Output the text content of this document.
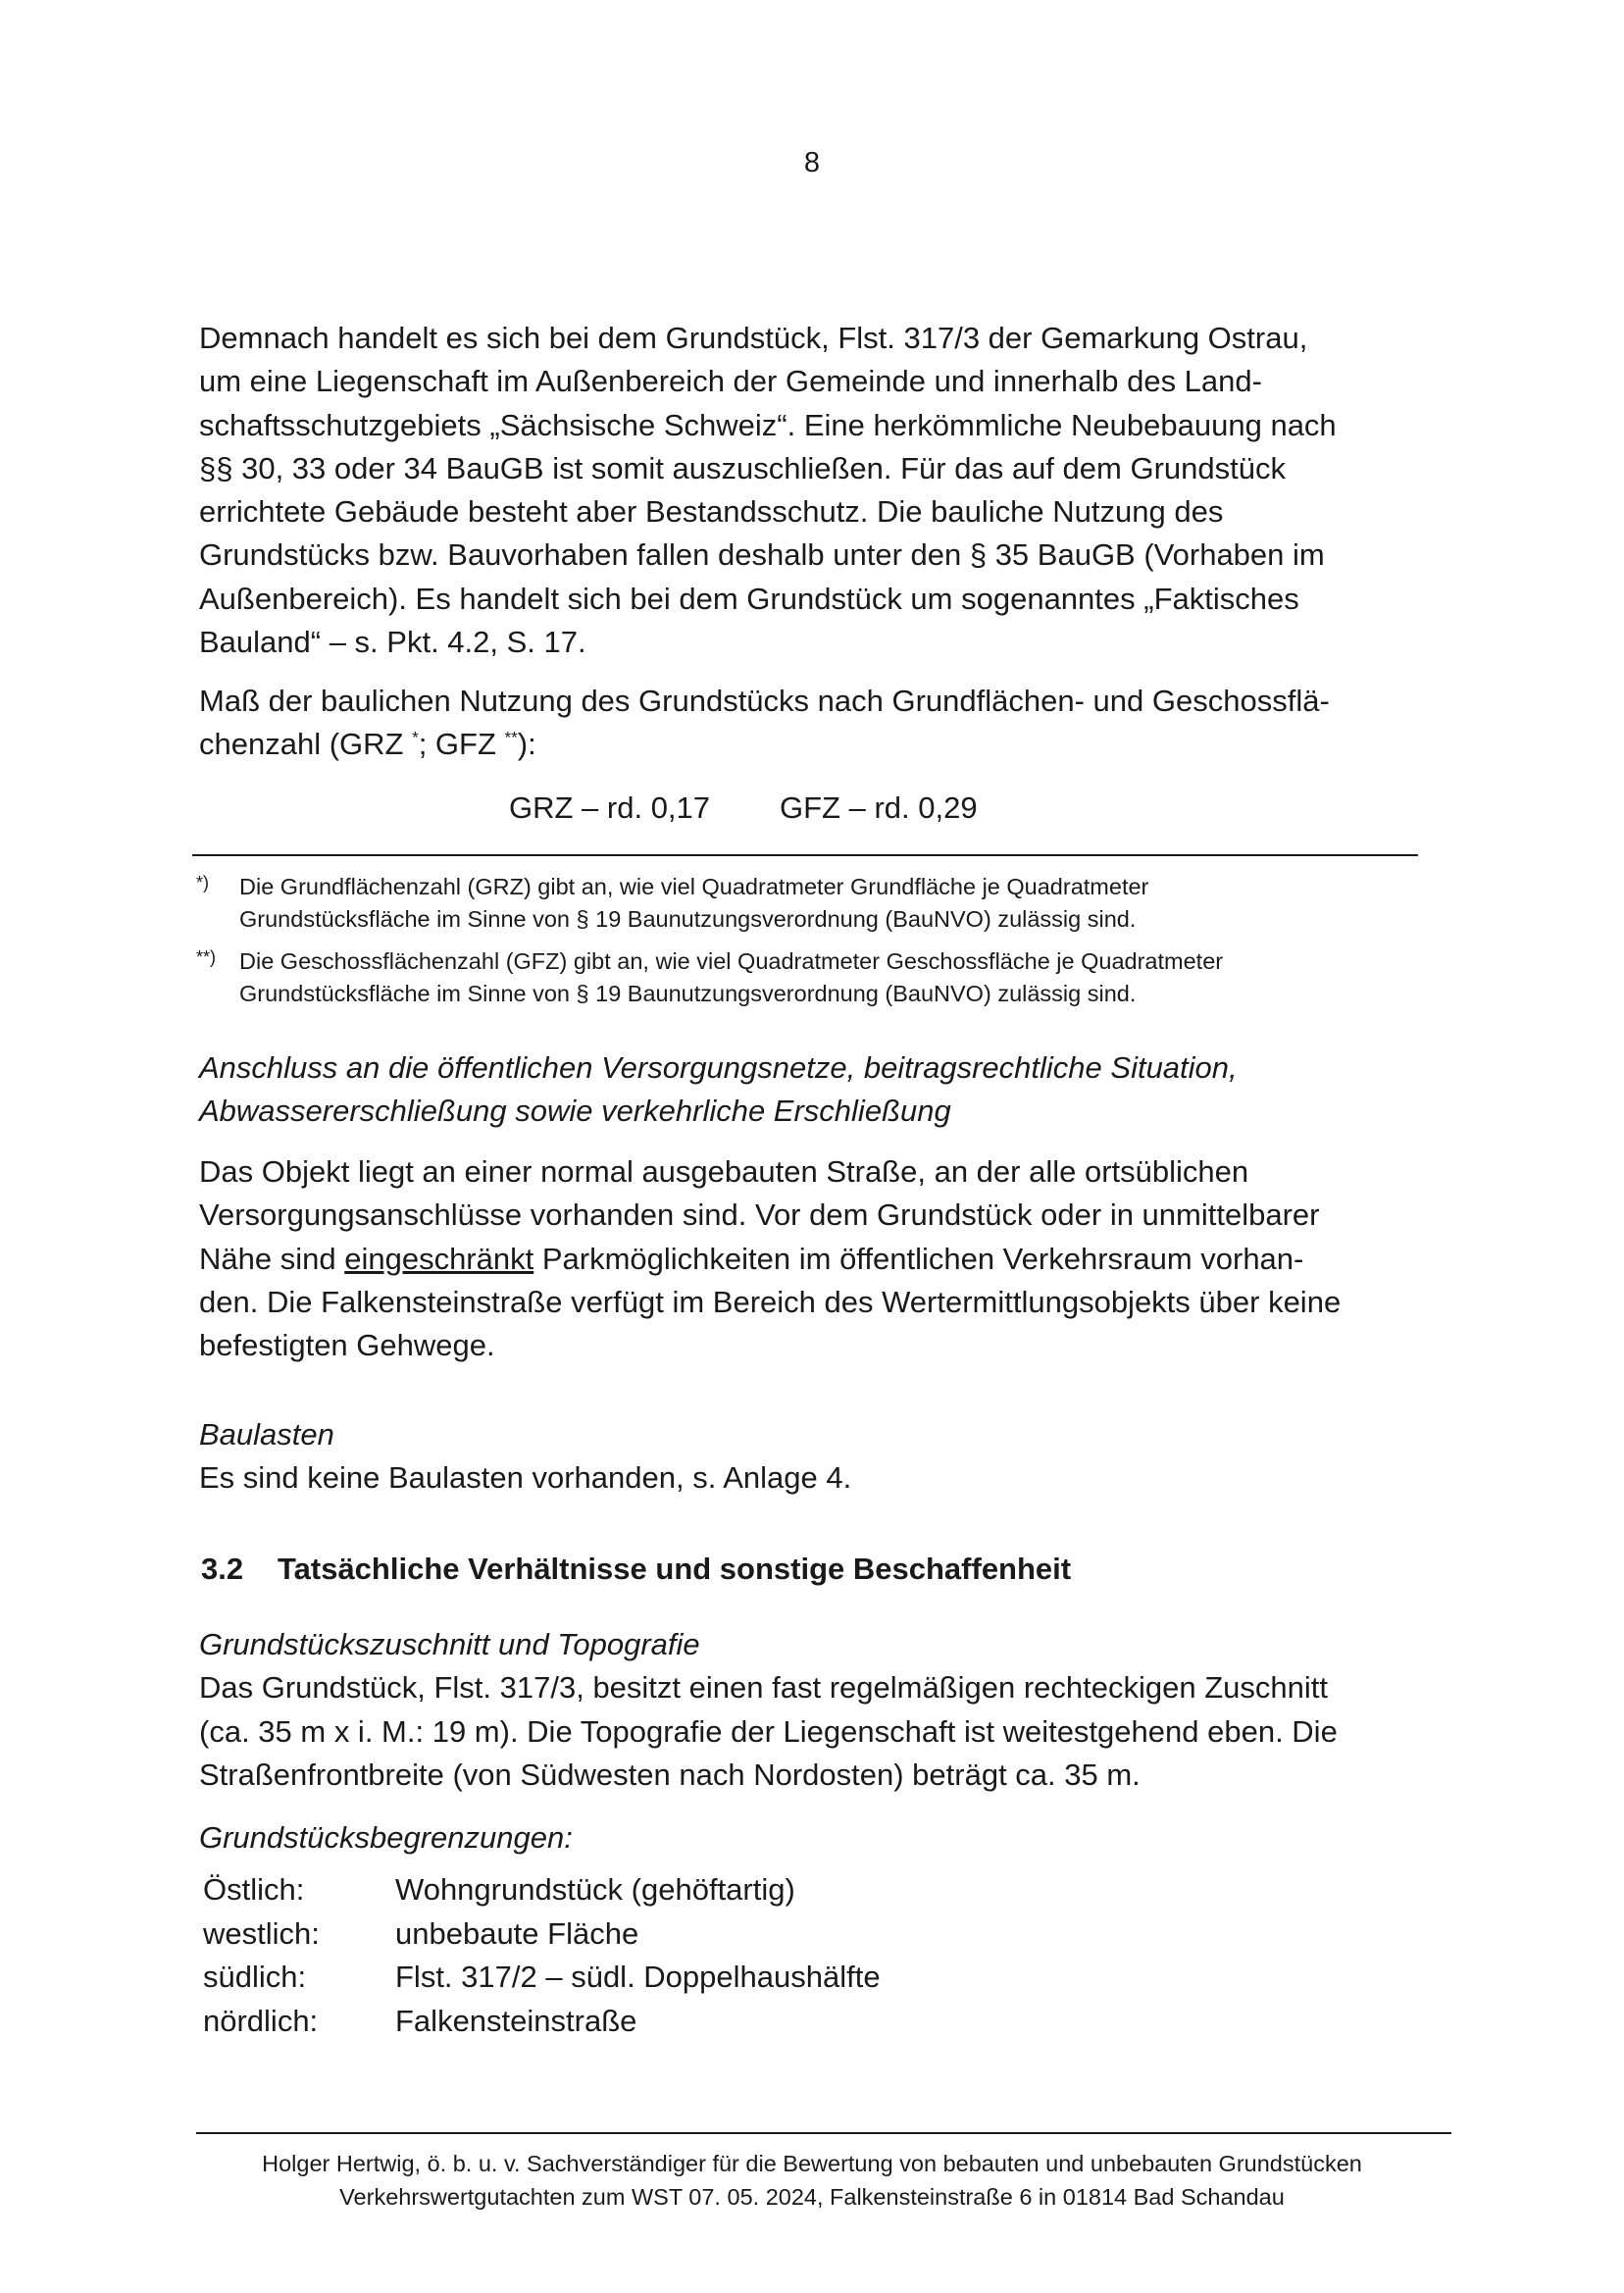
8
Demnach handelt es sich bei dem Grundstück, Flst. 317/3 der Gemarkung Ostrau,
um eine Liegenschaft im Außenbereich der Gemeinde und innerhalb des Land-
schaftsschutzgebiets „Sächsische Schweiz“. Eine herkömmliche Neubebauung nach
§§ 30, 33 oder 34 BauGB ist somit auszuschließen. Für das auf dem Grundstück
errichtete Gebäude besteht aber Bestandsschutz. Die bauliche Nutzung des
Grundstücks bzw. Bauvorhaben fallen deshalb unter den § 35 BauGB (Vorhaben im
Außenbereich). Es handelt sich bei dem Grundstück um sogenanntes „Faktisches
Bauland“ – s. Pkt. 4.2, S. 17.
Maß der baulichen Nutzung des Grundstücks nach Grundflächen- und Geschossflä-
chenzahl (GRZ *; GFZ **):
GRZ – rd. 0,17 GFZ – rd. 0,29
*) Die Grundflächenzahl (GRZ) gibt an, wie viel Quadratmeter Grundfläche je Quadratmeter
Grundstücksfläche im Sinne von § 19 Baunutzungsverordnung (BauNVO) zulässig sind.
**) Die Geschossflächenzahl (GFZ) gibt an, wie viel Quadratmeter Geschossfläche je Quadratmeter
Grundstücksfläche im Sinne von § 19 Baunutzungsverordnung (BauNVO) zulässig sind.
Anschluss an die öffentlichen Versorgungsnetze, beitragsrechtliche Situation,
Abwassererschließung sowie verkehrliche Erschließung
Das Objekt liegt an einer normal ausgebauten Straße, an der alle ortsüblichen
Versorgungsanschlüsse vorhanden sind. Vor dem Grundstück oder in unmittelbarer
Nähe sind eingeschränkt Parkmöglichkeiten im öffentlichen Verkehrsraum vorhan-
den. Die Falkensteinstraße verfügt im Bereich des Wertermittlungsobjekts über keine
befestigten Gehwege.
Baulasten
Es sind keine Baulasten vorhanden, s. Anlage 4.
3.2 Tatsächliche Verhältnisse und sonstige Beschaffenheit
Grundstückszuschnitt und Topografie
Das Grundstück, Flst. 317/3, besitzt einen fast regelmäßigen rechteckigen Zuschnitt
(ca. 35 m x i. M.: 19 m). Die Topografie der Liegenschaft ist weitestgehend eben. Die
Straßenfrontbreite (von Südwesten nach Nordosten) beträgt ca. 35 m.
Grundstücksbegrenzungen:
Östlich:	Wohngrundstück (gehöftartig)
westlich:	unbebaute Fläche
südlich:	Flst. 317/2 – südl. Doppelhaushälfte
nördlich:	Falkensteinstraße
Holger Hertwig, ö. b. u. v. Sachverständiger für die Bewertung von bebauten und unbebauten Grundstücken
Verkehrswertgutachten zum WST 07. 05. 2024, Falkensteinstraße 6 in 01814 Bad Schandau
